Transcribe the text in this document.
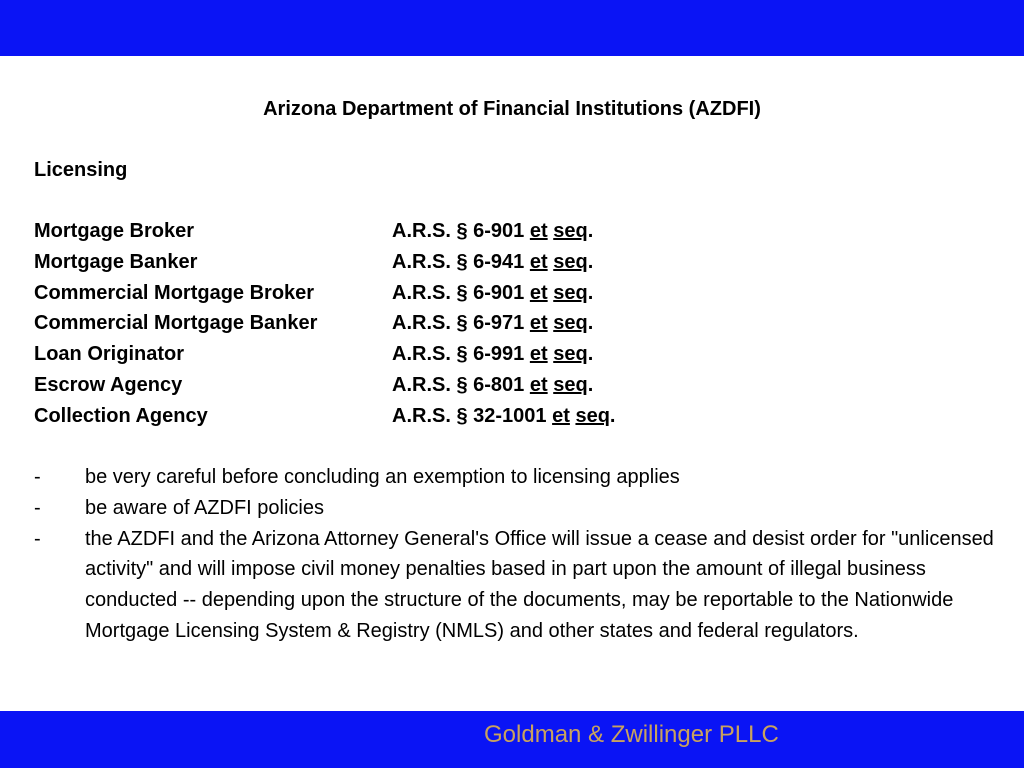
Arizona Department of Financial Institutions (AZDFI)
Licensing
Mortgage Broker	A.R.S. § 6-901 et seq.
Mortgage Banker	A.R.S. § 6-941 et seq.
Commercial Mortgage Broker	A.R.S. § 6-901 et seq.
Commercial Mortgage Banker	A.R.S. § 6-971 et seq.
Loan Originator	A.R.S. § 6-991 et seq.
Escrow Agency	A.R.S. § 6-801 et seq.
Collection Agency	A.R.S. § 32-1001 et seq.
- be very careful before concluding an exemption to licensing applies
- be aware of AZDFI policies
- the AZDFI and the Arizona Attorney General's Office will issue a cease and desist order for "unlicensed activity" and will impose civil money penalties based in part upon the amount of illegal business conducted -- depending upon the structure of the documents, may be reportable to the Nationwide Mortgage Licensing System & Registry (NMLS) and other states and federal regulators.
Goldman & Zwillinger PLLC
